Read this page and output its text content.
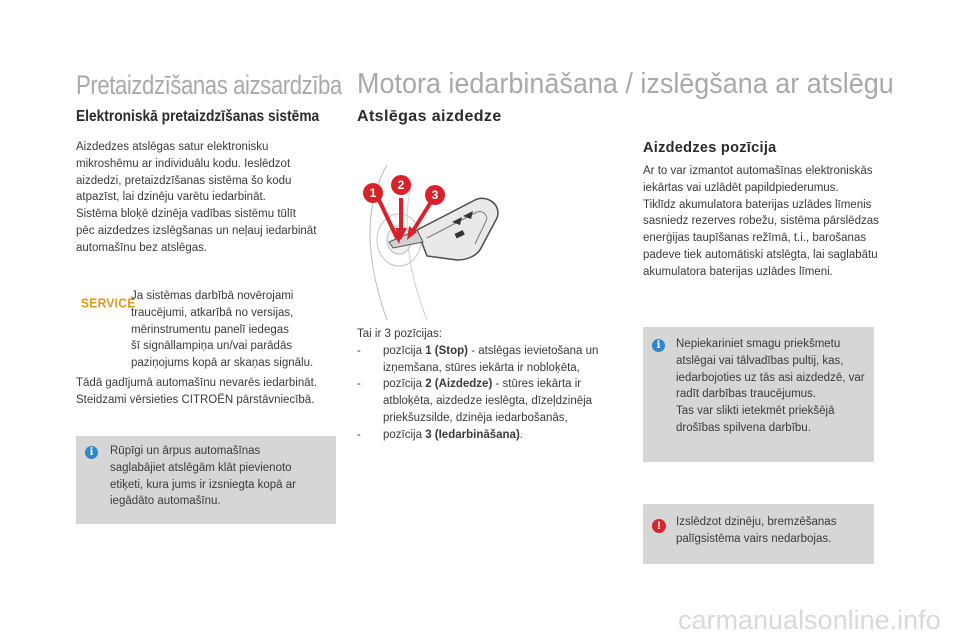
Pretaizdzīšanas aizsardzība
Elektroniskā pretaizdzīšanas sistēma

Aizdedzes atslēgas satur elektronisku

mikroshēmu ar individuālu kodu. Ieslēdzot

aizdedzi, pretaizdzīšanas sistēma šo kodu

atpazīst, lai dzinēju varētu iedarbināt.

Sistēma bloķē dzinēja vadības sistēmu tūlīt

pēc aizdedzes izslēgšanas un neļauj iedarbināt

automašīnu bez atslēgas.

SERVICE

Ja sistēmas darbībā novērojami

traucējumi, atkarībā no versijas,

mērinstrumentu panelī iedegas

šī signāllampiņa un/vai parādās

paziņojums kopā ar skaņas signālu.

Tādā gadījumā automašīnu nevarēs iedarbināt.

Steidzami vērsieties CITROËN pārstāvniecībā.

i	Rūpīgi un ārpus automašīnas

saglabājiet atslēgām klāt pievienoto

etiķeti, kura jums ir izsniegta kopā ar

iegādāto automašīnu.

Motora iedarbināšana / izslēgšana ar atslēgu
Atslēgas aizdedze
1
2
3

Tai ir 3 pozīcijas:

- pozīcija 1 (Stop) - atslēgas ievietošana un
izņemšana, stūres iekārta ir nobloķēta,
- pozīcija 2 (Aizdedze) - stūres iekārta ir
atbloķēta, aizdedze ieslēgta, dīzeļdzinēja
priekšuzsilde, dzinēja iedarbošanās,
- pozīcija 3 (Iedarbināšana).
Aizdedzes pozīcija

Ar to var izmantot automašīnas elektroniskās

iekārtas vai uzlādēt papildpiederumus.

Tiklīdz akumulatora baterijas uzlādes līmenis

sasniedz rezerves robežu, sistēma pārslēdzas

enerģijas taupīšanas režīmā, t.i., barošanas

padeve tiek automātiski atslēgta, lai saglabātu

akumulatora baterijas uzlādes līmeni.

i	Nepiekariniet smagu priekšmetu

atslēgai vai tālvadības pultij, kas,

iedarbojoties uz tās asi aizdedzē, var

radīt darbības traucējumus.

Tas var slikti ietekmēt priekšējā

drošības spilvena darbību.

!	Izslēdzot dzinēju, bremzēšanas

palīgsistēma vairs nedarbojas.

carmanualsonline.info
